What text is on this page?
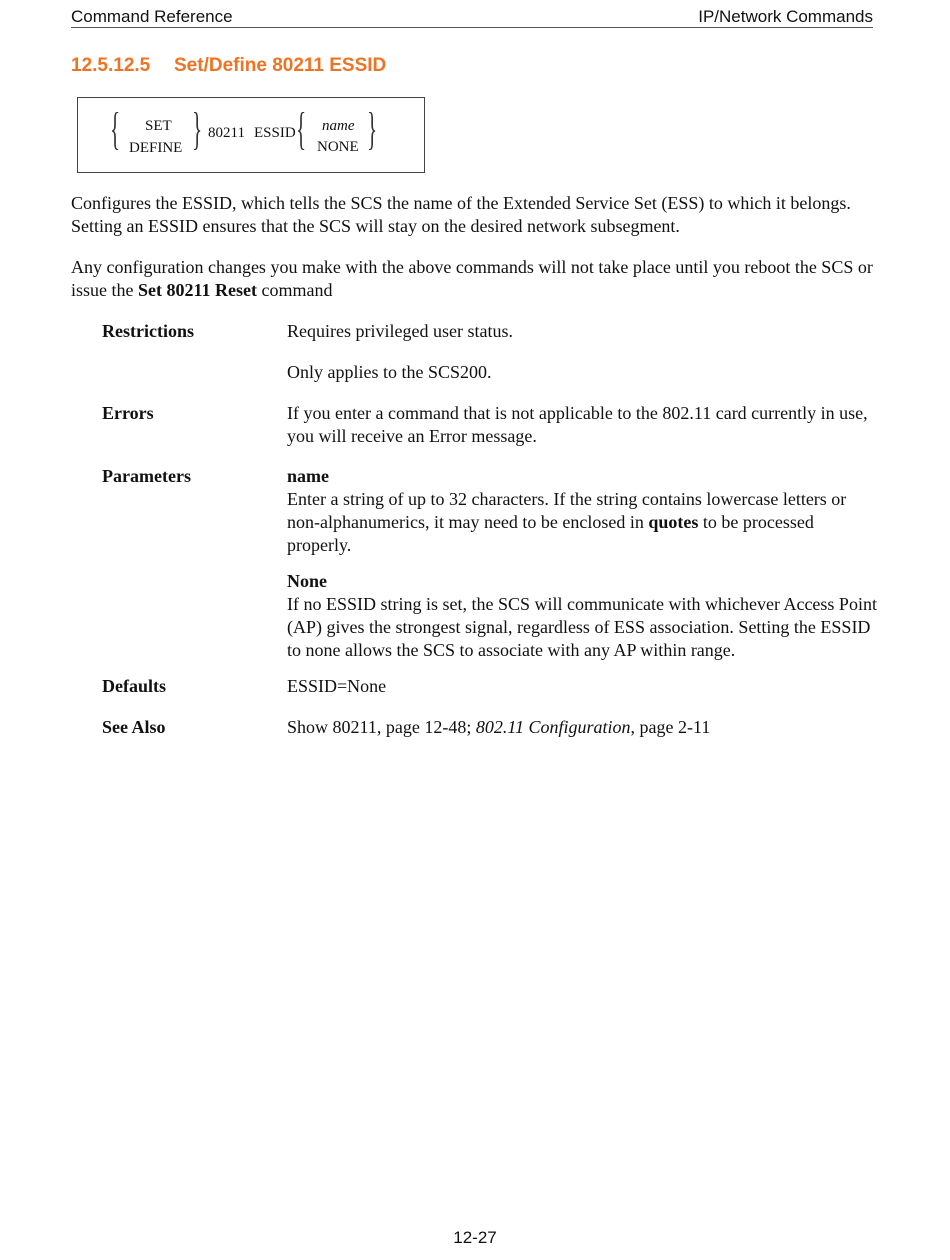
Command Reference	IP/Network Commands
12.5.12.5 Set/Define 80211 ESSID
{ SET
DEFINE } 80211 ESSID { name
NONE }

Configures the ESSID, which tells the SCS the name of the Extended Service Set (ESS) to which it belongs. Setting an ESSID ensures that the SCS will stay on the desired network subsegment.

Any configuration changes you make with the above commands will not take place until you reboot the SCS or issue the Set 80211 Reset command

Restrictions	Requires privileged user status.
Only applies to the SCS200.
Errors	If you enter a command that is not applicable to the 802.11 card currently in use, you will receive an Error message.
Parameters	name
Enter a string of up to 32 characters. If the string contains lowercase letters or non-alphanumerics, it may need to be enclosed in quotes to be processed properly.
None
If no ESSID string is set, the SCS will communicate with whichever Access Point (AP) gives the strongest signal, regardless of ESS association. Setting the ESSID to none allows the SCS to associate with any AP within range.
Defaults	ESSID=None
See Also	Show 80211, page 12-48; 802.11 Configuration, page 2-11
12-27
